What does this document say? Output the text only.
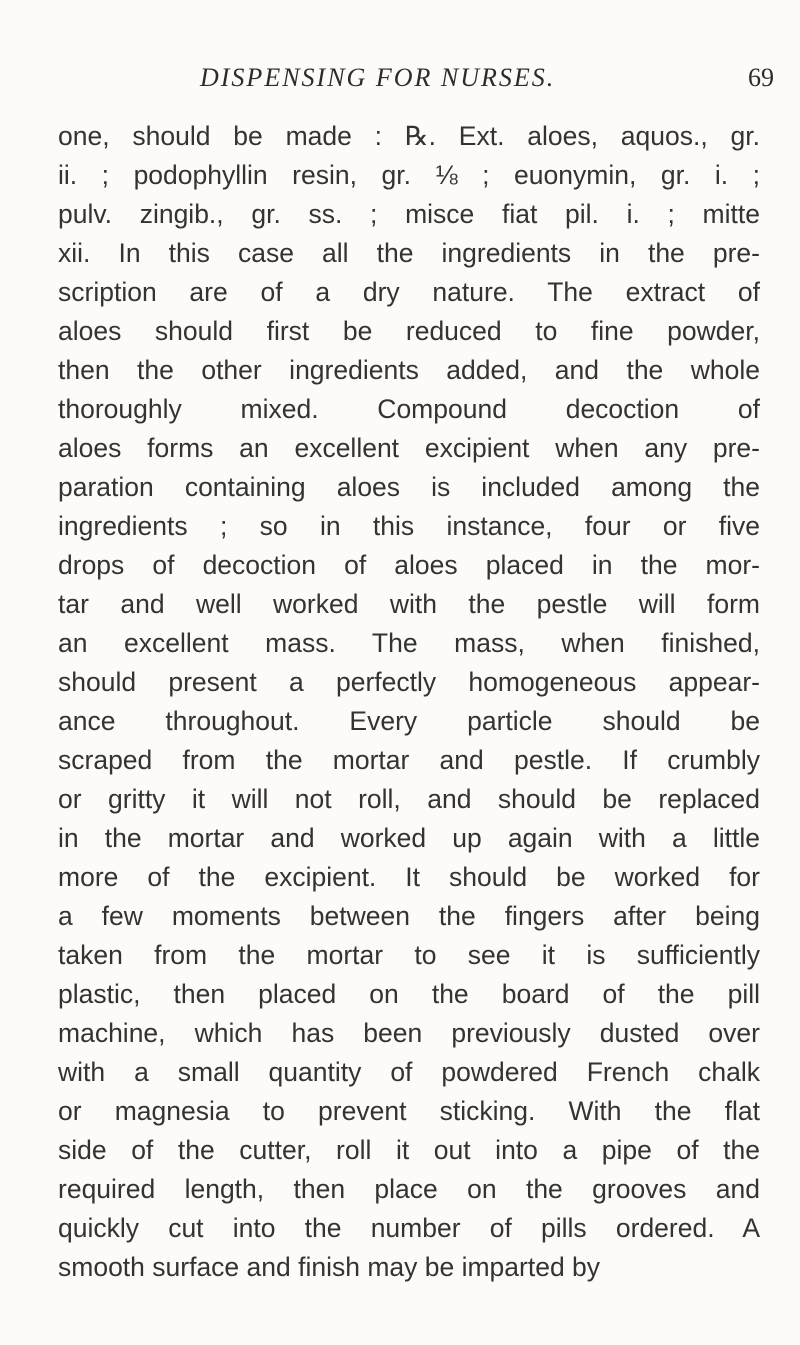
DISPENSING FOR NURSES.	69
one, should be made : ℞. Ext. aloes, aquos., gr.
ii. ; podophyllin resin, gr. ⅛ ; euonymin, gr. i. ;
pulv. zingib., gr. ss. ; misce fiat pil. i. ; mitte
xii. In this case all the ingredients in the pre-
scription are of a dry nature. The extract of
aloes should first be reduced to fine powder,
then the other ingredients added, and the whole
thoroughly mixed. Compound decoction of
aloes forms an excellent excipient when any pre-
paration containing aloes is included among the
ingredients ; so in this instance, four or five
drops of decoction of aloes placed in the mor-
tar and well worked with the pestle will form
an excellent mass. The mass, when finished,
should present a perfectly homogeneous appear-
ance throughout. Every particle should be
scraped from the mortar and pestle. If crumbly
or gritty it will not roll, and should be replaced
in the mortar and worked up again with a little
more of the excipient. It should be worked for
a few moments between the fingers after being
taken from the mortar to see it is sufficiently
plastic, then placed on the board of the pill
machine, which has been previously dusted over
with a small quantity of powdered French chalk
or magnesia to prevent sticking. With the flat
side of the cutter, roll it out into a pipe of the
required length, then place on the grooves and
quickly cut into the number of pills ordered. A
smooth surface and finish may be imparted by
